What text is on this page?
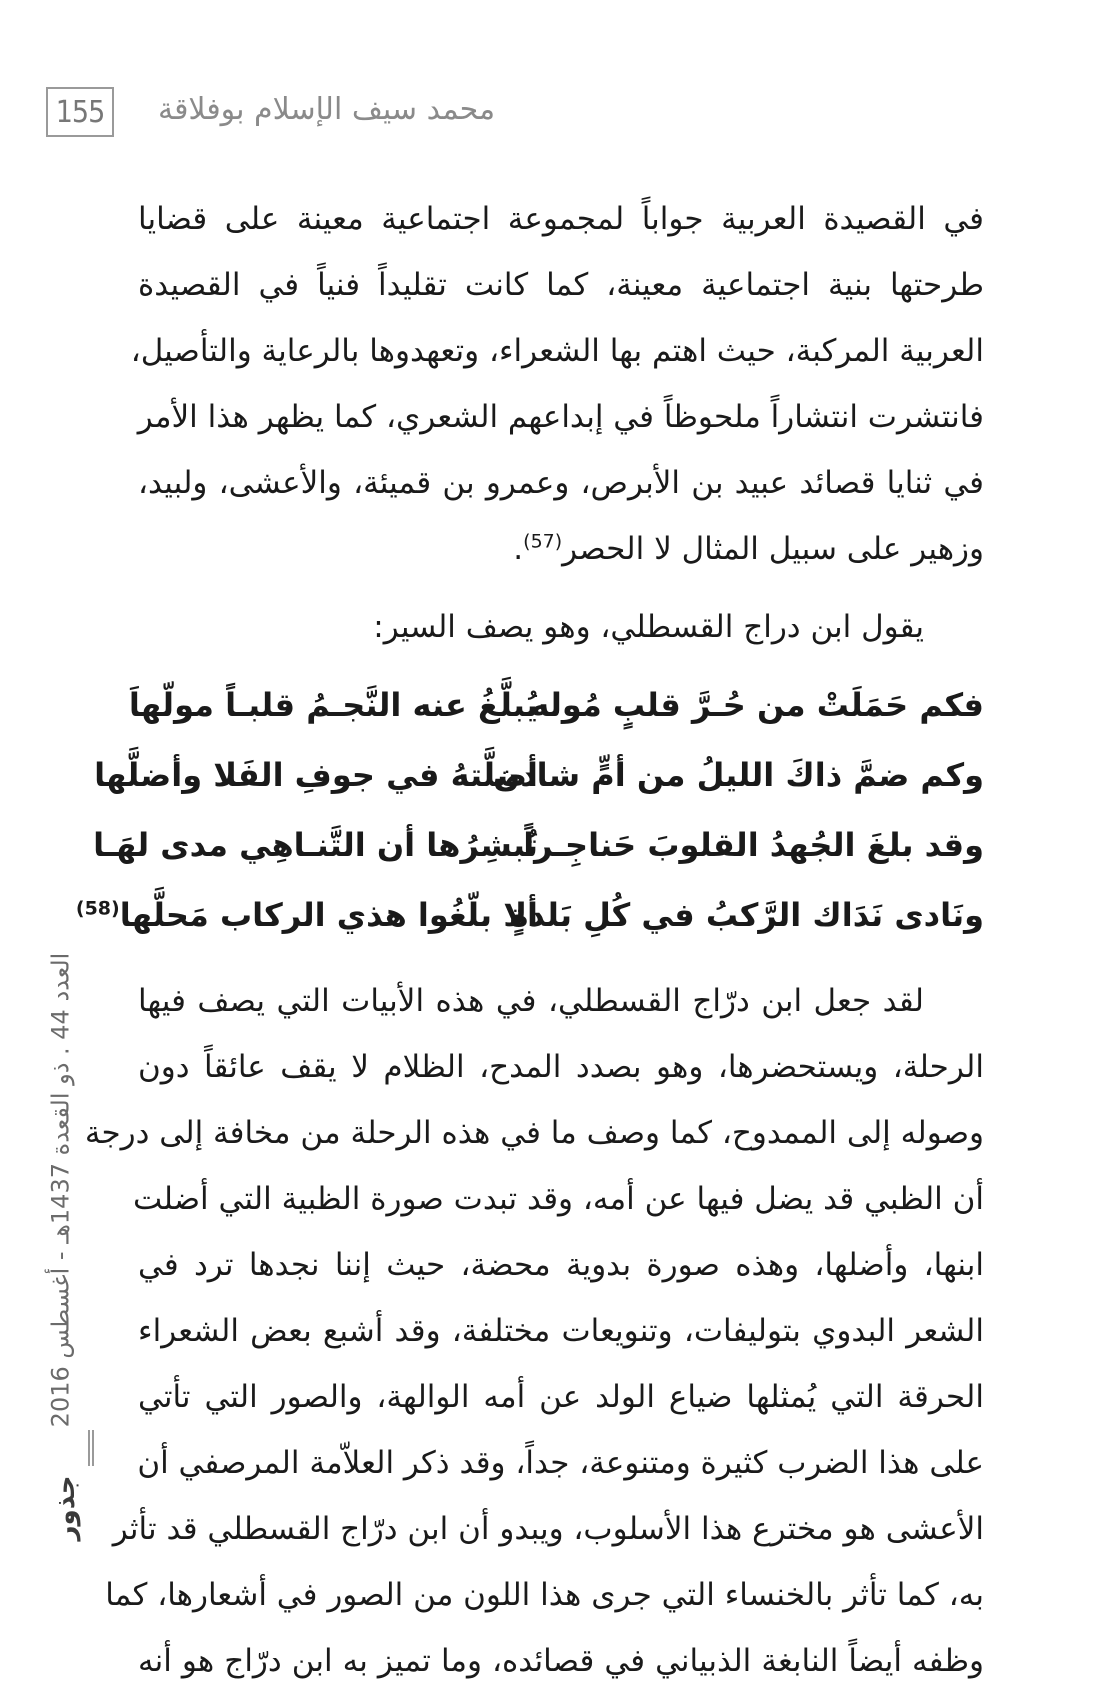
155	محمد سيف الإسلام بوفلاقة
في القصيدة العربية جواباً لمجموعة اجتماعية معينة على قضايا
طرحتها بنية اجتماعية معينة، كما كانت تقليداً فنياً في القصيدة
العربية المركبة، حيث اهتم بها الشعراء، وتعهدوها بالرعاية والتأصيل،
فانتشرت انتشاراً ملحوظاً في إبداعهم الشعري، كما يظهر هذا الأمر
في ثنايا قصائد عبيد بن الأبرص، وعمرو بن قميئة، والأعشى، ولبيد،
وزهير على سبيل المثال لا الحصر$^{(57)}$.
يقول ابن دراج القسطلي، وهو يصف السير:
فكم حَمَلَتْ من حُـرَّ قلبٍ مُوله
يُبلَّغُ عنه النَّجـمُ قلبـاً مولّهاَ
وكم ضمَّ ذاكَ الليلُ من أمٍّ شادن
أضلَّتهُ في جوفِ الفَلا وأضلَّها
وقد بلغَ الجُهدُ القلوبَ حَناجِـراً
تُبشِرُها أن التَّنـاهِي مدى لهَـا
ونَادى نَدَاك الرَّكبُ في كُلِ بَلدةٍ
ألا بلّغُوا هذي الركاب مَحلَّها$^{(58)}$
لقد جعل ابن درّاج القسطلي، في هذه الأبيات التي يصف فيها
الرحلة، ويستحضرها، وهو بصدد المدح، الظلام لا يقف عائقاً دون
وصوله إلى الممدوح، كما وصف ما في هذه الرحلة من مخافة إلى درجة
أن الظبي قد يضل فيها عن أمه، وقد تبدت صورة الظبية التي أضلت
ابنها، وأضلها، وهذه صورة بدوية محضة، حيث إننا نجدها ترد في
الشعر البدوي بتوليفات، وتنويعات مختلفة، وقد أشبع بعض الشعراء
الحرقة التي يُمثلها ضياع الولد عن أمه الوالهة، والصور التي تأتي
على هذا الضرب كثيرة ومتنوعة، جداً، وقد ذكر العلاّمة المرصفي أن
الأعشى هو مخترع هذا الأسلوب، ويبدو أن ابن درّاج القسطلي قد تأثر
به، كما تأثر بالخنساء التي جرى هذا اللون من الصور في أشعارها، كما
وظفه أيضاً النابغة الذبياني في قصائده، وما تميز به ابن درّاج هو أنه
العدد 44 . ذو القعدة 1437هـ - أغسطس 2016
جذور
